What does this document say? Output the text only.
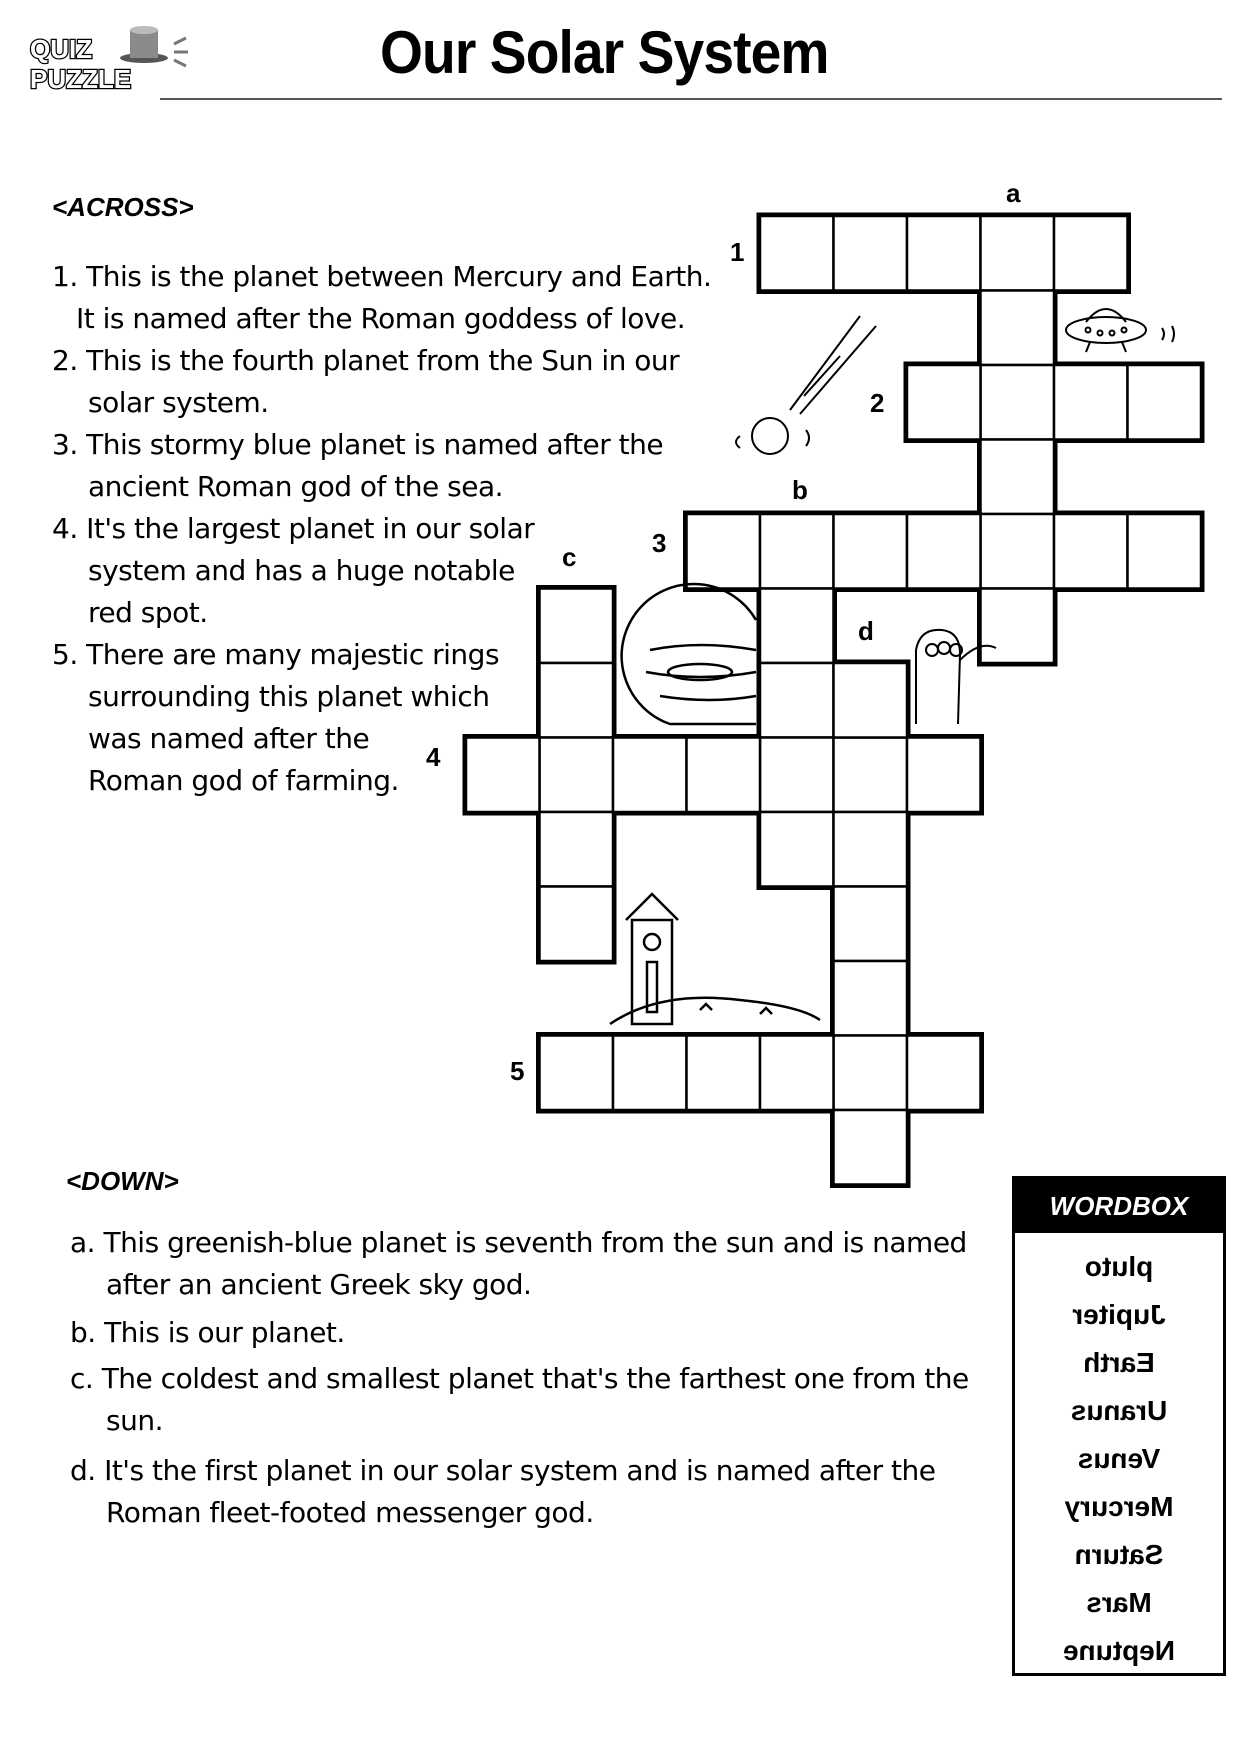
QUIZ
PUZZLE	Our Solar System
<ACROSS>
1. This is the planet between Mercury and Earth.
It is named after the Roman goddess of love.
2. This is the fourth planet from the Sun in our
solar system.
3. This stormy blue planet is named after the
ancient Roman god of the sea.
4. It's the largest planet in our solar
system and has a huge notable
red spot.
5. There are many majestic rings
surrounding this planet which
was named after the
Roman god of farming.
1
a
2
b
3
c
d
4
5
<DOWN>
a. This greenish-blue planet is seventh from the sun and is named
after an ancient Greek sky god.
b. This is our planet.
c. The coldest and smallest planet that's the farthest one from the
sun.
d. It's the first planet in our solar system and is named after the
Roman fleet-footed messenger god.
WORDBOX
pluto
Jupiter
Earth
Uranus
Venus
Mercury
Saturn
Mars
Neptune
